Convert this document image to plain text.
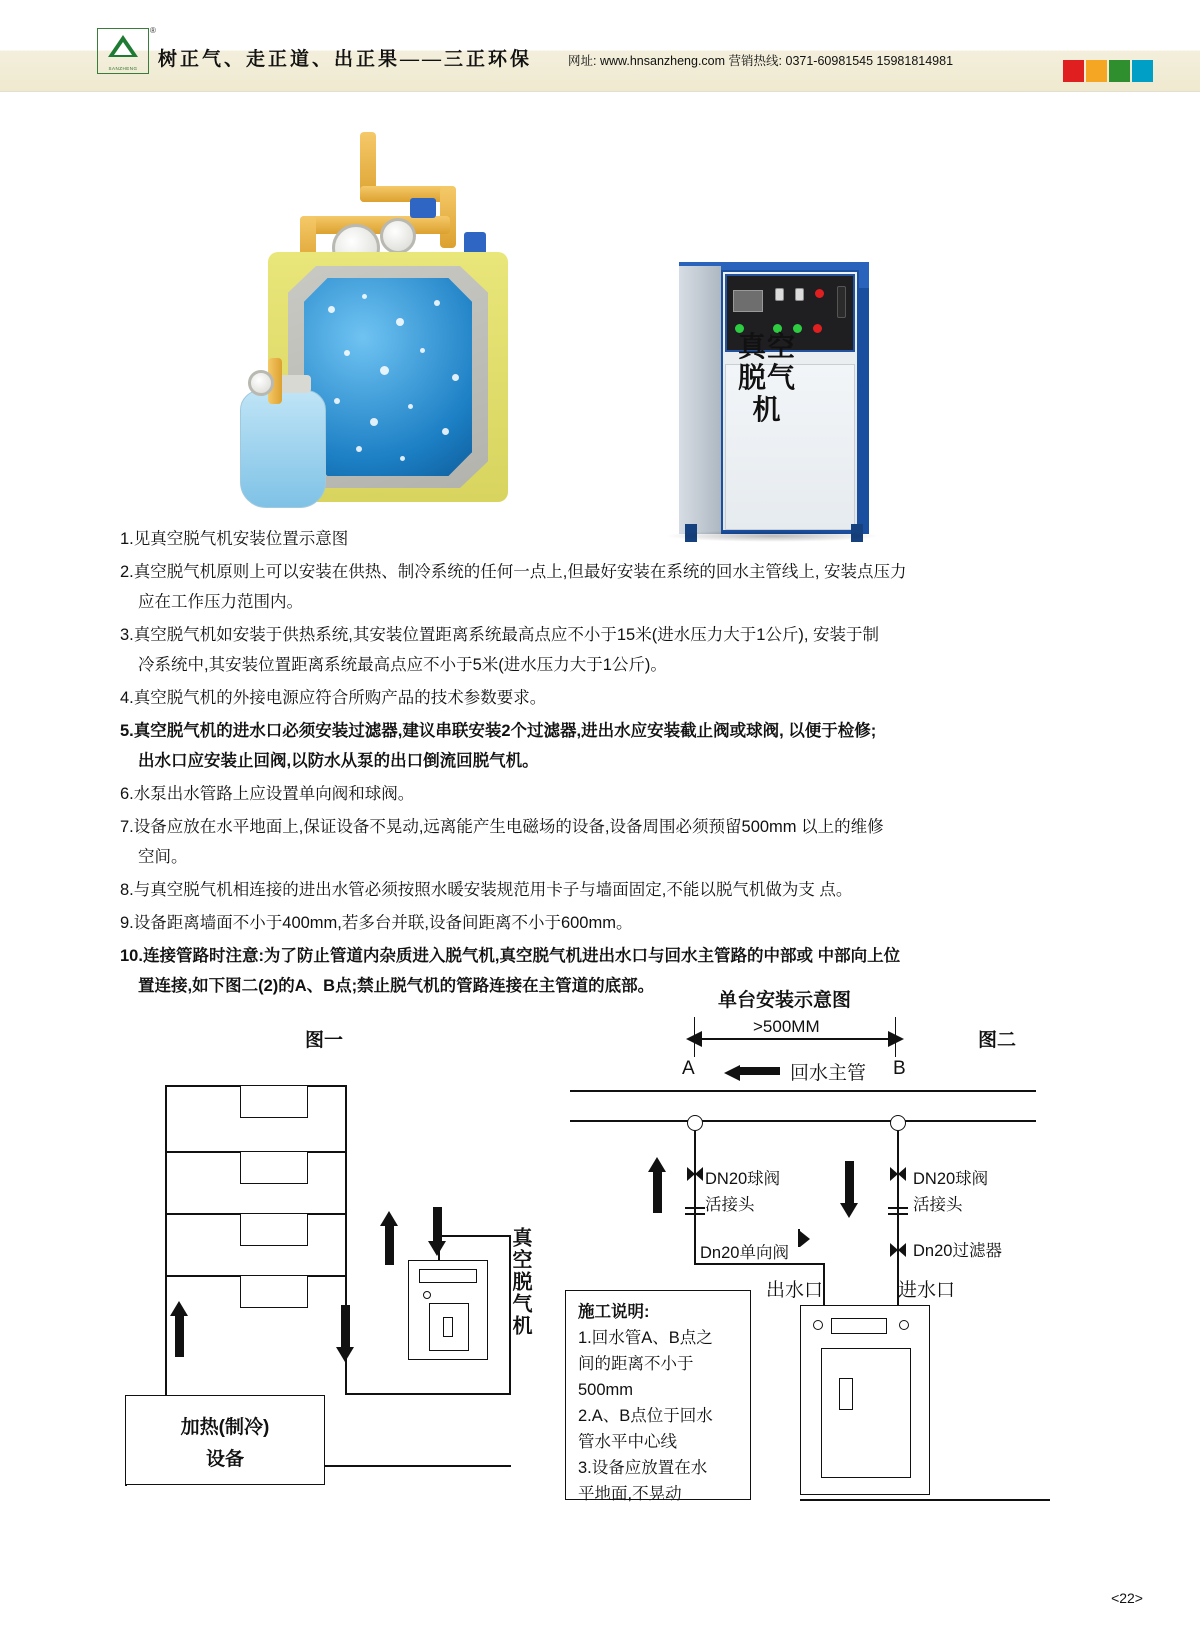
SANZHENG
®
树正气、走正道、出正果——三正环保	网址: www.hnsanzheng.com 营销热线: 0371-60981545 15981814981
真空脱气机
1.见真空脱气机安装位置示意图
2.真空脱气机原则上可以安装在供热、制冷系统的任何一点上,但最好安装在系统的回水主管线上, 安装点压力
应在工作压力范围内。
3.真空脱气机如安装于供热系统,其安装位置距离系统最高点应不小于15米(进水压力大于1公斤), 安装于制
冷系统中,其安装位置距离系统最高点应不小于5米(进水压力大于1公斤)。
4.真空脱气机的外接电源应符合所购产品的技术参数要求。
5.真空脱气机的进水口必须安装过滤器,建议串联安装2个过滤器,进出水应安装截止阀或球阀, 以便于检修;
出水口应安装止回阀,以防水从泵的出口倒流回脱气机。
6.水泵出水管路上应设置单向阀和球阀。
7.设备应放在水平地面上,保证设备不晃动,远离能产生电磁场的设备,设备周围必须预留500mm 以上的维修
空间。
8.与真空脱气机相连接的进出水管必须按照水暖安装规范用卡子与墙面固定,不能以脱气机做为支 点。
9.设备距离墙面不小于400mm,若多台并联,设备间距离不小于600mm。
10.连接管路时注意:为了防止管道内杂质进入脱气机,真空脱气机进出水口与回水主管路的中部或 中部向上位
置连接,如下图二(2)的A、B点;禁止脱气机的管路连接在主管道的底部。
图一
加热(制冷)
设备
真空脱气机
图二
单台安装示意图
>500MM
A	B
回水主管
DN20球阀
活接头
Dn20单向阀
出水口
DN20球阀
活接头
Dn20过滤器
进水口
施工说明:
1.回水管A、B点之
间的距离不小于
500mm
2.A、B点位于回水
管水平中心线
3.设备应放置在水
平地面,不晃动
<22>
